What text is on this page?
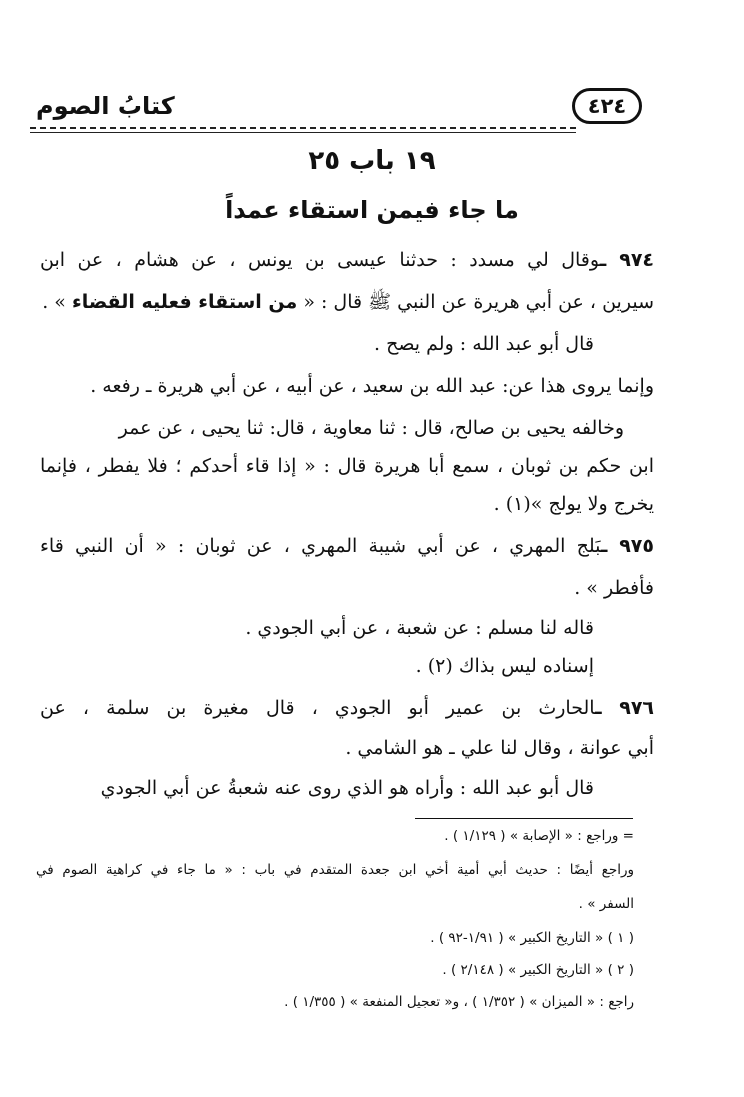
كتابُ الصوم	٤٢٤
١٩ باب ٢٥
ما جاء فيمن استقاء عمداً
٩٧٤ ـوقال لي مسدد : حدثنا عيسى بن يونس ، عن هشام ، عن ابن
سيرين ، عن أبي هريرة عن النبي ﷺ قال : « من استقاء فعليه القضاء » .
قال أبو عبد الله : ولم يصح .
وإنما يروى هذا عن: عبد الله بن سعيد ، عن أبيه ، عن أبي هريرة ـ رفعه .
وخالفه يحيى بن صالح، قال : ثنا معاوية ، قال: ثنا يحيى ، عن عمر
ابن حكم بن ثوبان ، سمع أبا هريرة قال : « إذا قاء أحدكم ؛ فلا يفطر ، فإنما
يخرج ولا يولج »(١) .
٩٧٥ ـبَلج المهري ، عن أبي شيبة المهري ، عن ثوبان : « أن النبي قاء
فأفطر » .
قاله لنا مسلم : عن شعبة ، عن أبي الجودي .
إسناده ليس بذاك (٢) .
٩٧٦ ـالحارث بن عمير أبو الجودي ، قال مغيرة بن سلمة ، عن
أبي عوانة ، وقال لنا علي ـ هو الشامي .
قال أبو عبد الله : وأراه هو الذي روى عنه شعبةُ عن أبي الجودي
= وراجع : « الإصابة » ( ١/١٢٩ ) .
وراجع أيضًا : حديث أبي أمية أخي ابن جعدة المتقدم في باب : « ما جاء في كراهية الصوم في
السفر » .
( ١ ) « التاريخ الكبير » ( ١/٩١-٩٢ ) .
( ٢ ) « التاريخ الكبير » ( ٢/١٤٨ ) .
راجع : « الميزان » ( ١/٣٥٢ ) ، و« تعجيل المنفعة » ( ١/٣٥٥ ) .
